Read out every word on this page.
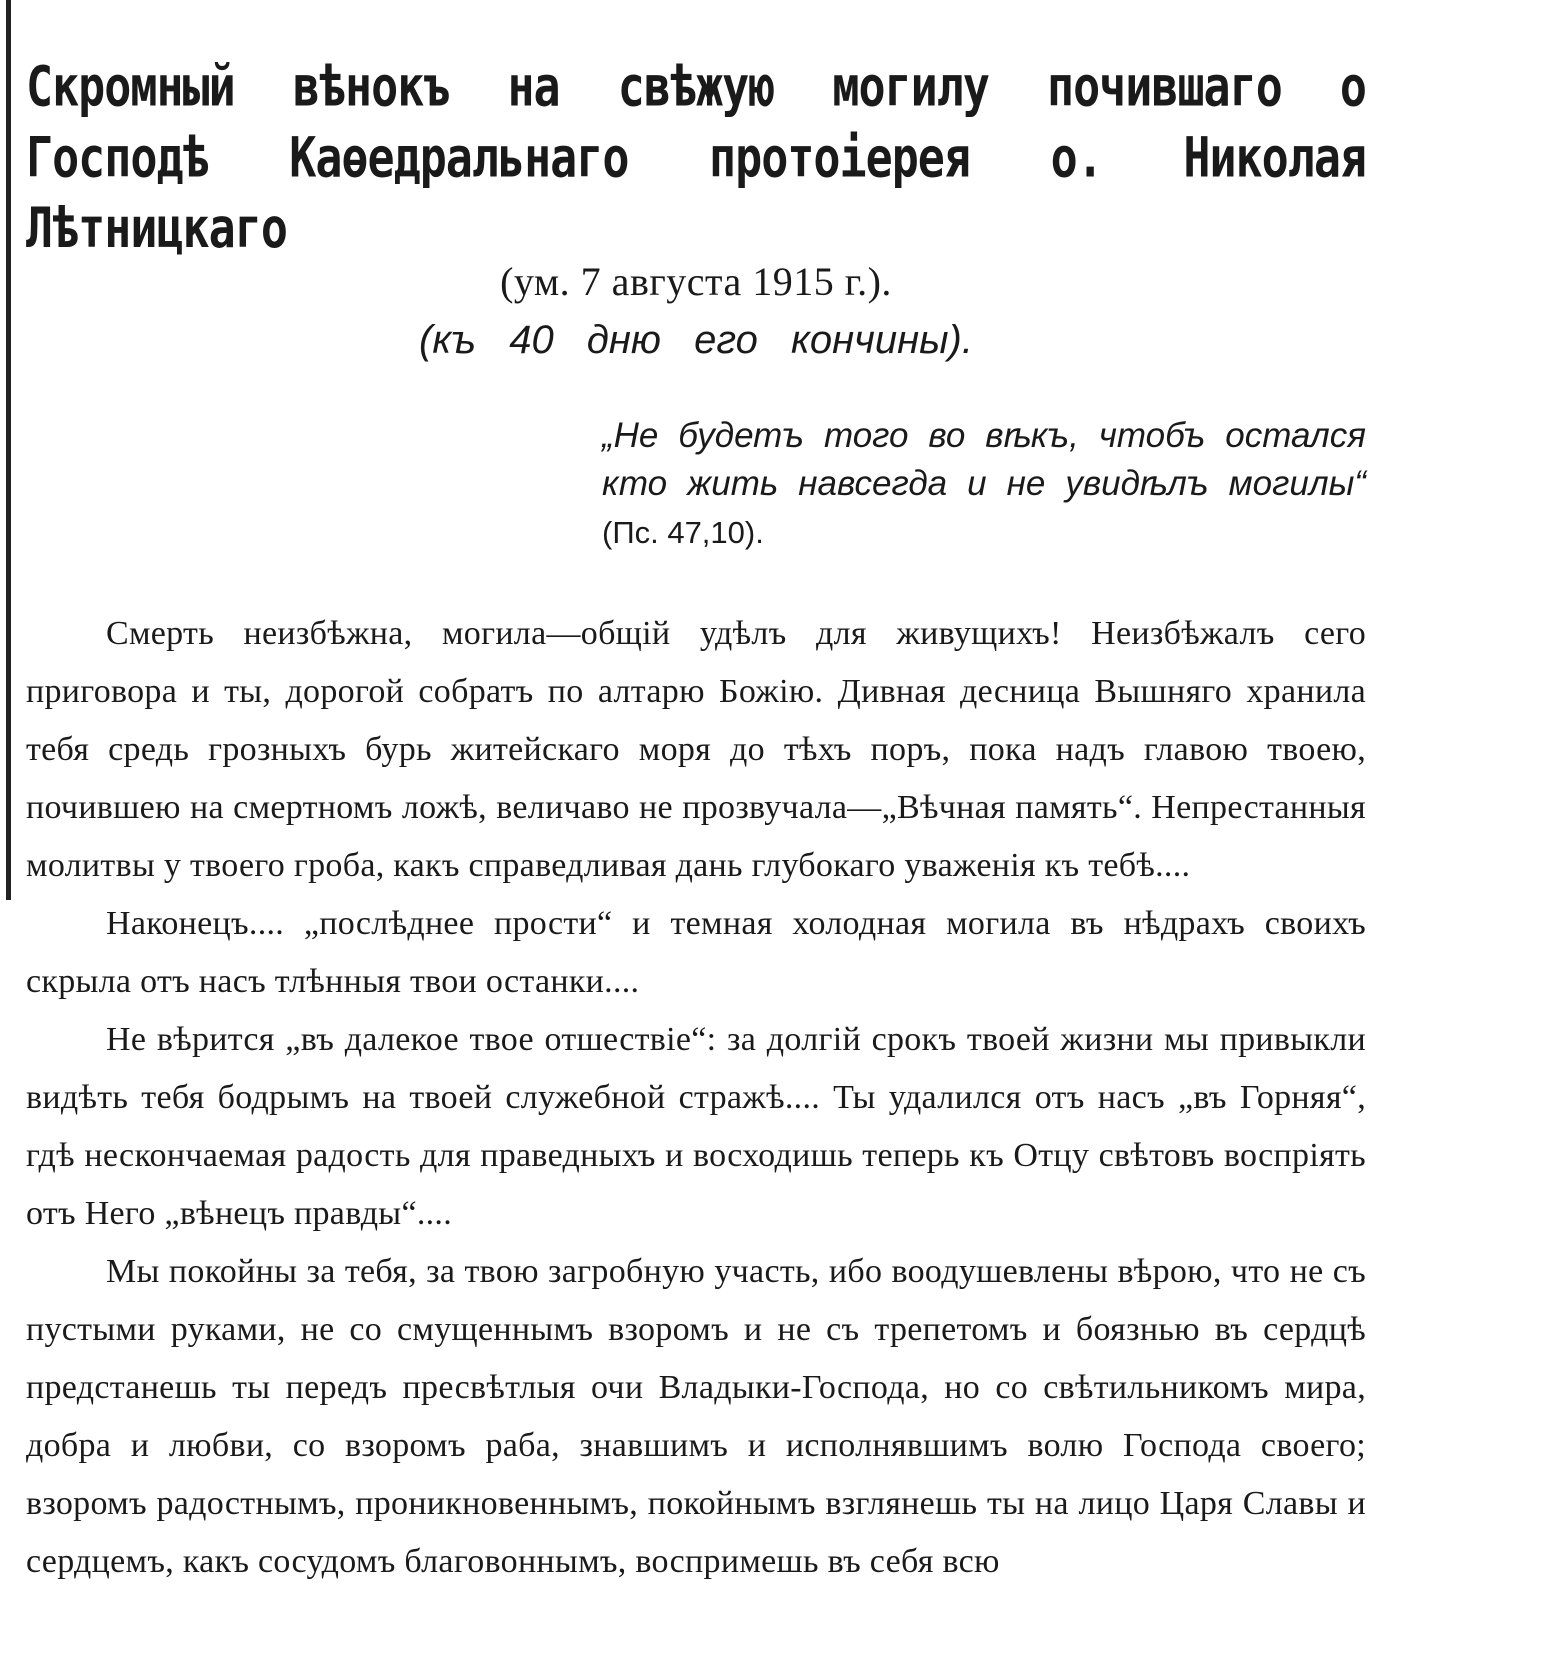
Скромный вѣнокъ на свѣжую могилу почившаго о
Господѣ Каѳедральнаго протоіерея о. Николая Лѣтницкаго

(ум. 7 августа 1915 г.).

(къ 40 дню его кончины).

„Не будетъ того во вѣкъ, чтобъ остался кто жить навсегда и не увидѣлъ могилы“ (Пс. 47,10).

Смерть неизбѣжна, могила—общій удѣлъ для живущихъ! Неизбѣжалъ сего приговора и ты, дорогой собратъ по алтарю Божію. Дивная десница Вышняго хранила тебя средь грозныхъ бурь житейскаго моря до тѣхъ поръ, пока надъ главою твоею, почившею на смертномъ ложѣ, величаво не прозвучала—„Вѣчная память“. Непрестанныя молитвы у твоего гроба, какъ справедливая дань глубокаго уваженія къ тебѣ....

Наконецъ.... „послѣднее прости“ и темная холодная могила въ нѣдрахъ своихъ скрыла отъ насъ тлѣнныя твои останки....

Не вѣрится „въ далекое твое отшествіе“: за долгій срокъ твоей жизни мы привыкли видѣть тебя бодрымъ на твоей служебной стражѣ.... Ты удалился отъ насъ „въ Горняя“, гдѣ нескончаемая радость для праведныхъ и восходишь теперь къ Отцу свѣтовъ воспріять отъ Него „вѣнецъ правды“....

Мы покойны за тебя, за твою загробную участь, ибо воодушевлены вѣрою, что не съ пустыми руками, не со смущеннымъ взоромъ и не съ трепетомъ и боязнью въ сердцѣ предстанешь ты передъ пресвѣтлыя очи Владыки-Господа, но со свѣтильникомъ мира, добра и любви, со взоромъ раба, знавшимъ и исполнявшимъ волю Господа своего; взоромъ радостнымъ, проникновеннымъ, покойнымъ взглянешь ты на лицо Царя Славы и сердцемъ, какъ сосудомъ благовоннымъ, воспримешь въ себя всю
